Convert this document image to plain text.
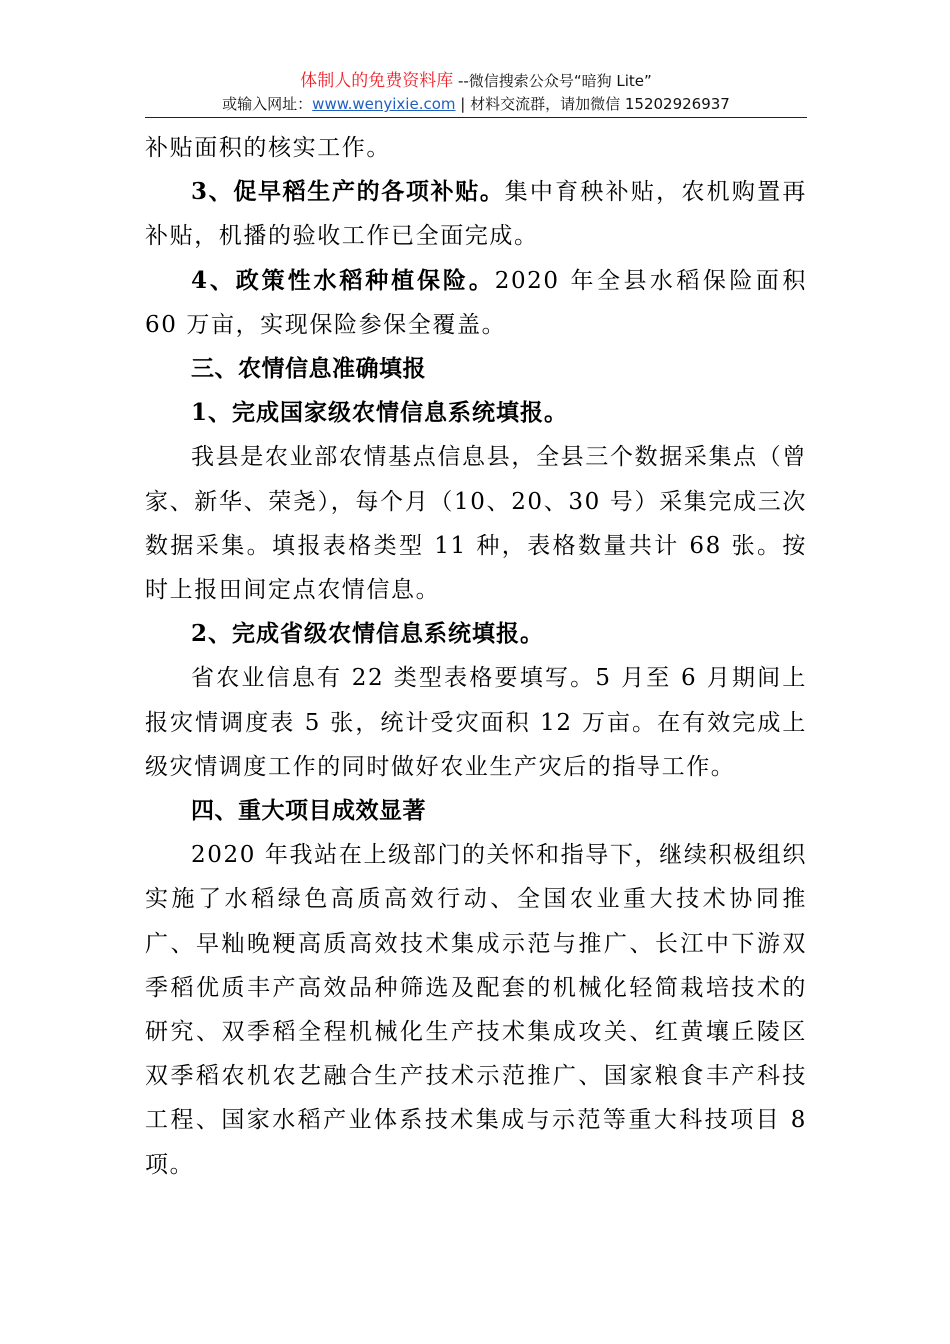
体制人的免费资料库 --微信搜索公众号“暗狗 Lite”
或输入网址：www.wenyixie.com | 材料交流群，请加微信 15202926937

补贴面积的核实工作。

3、促早稻生产的各项补贴。集中育秧补贴，农机购置再补贴，机播的验收工作已全面完成。

4、政策性水稻种植保险。2020 年全县水稻保险面积 60 万亩，实现保险参保全覆盖。

三、农情信息准确填报

1、完成国家级农情信息系统填报。

我县是农业部农情基点信息县，全县三个数据采集点（曾家、新华、荣尧），每个月（10、20、30 号）采集完成三次数据采集。填报表格类型 11 种，表格数量共计 68 张。按时上报田间定点农情信息。

2、完成省级农情信息系统填报。

省农业信息有 22 类型表格要填写。5 月至 6 月期间上报灾情调度表 5 张，统计受灾面积 12 万亩。在有效完成上级灾情调度工作的同时做好农业生产灾后的指导工作。

四、重大项目成效显著

2020 年我站在上级部门的关怀和指导下，继续积极组织实施了水稻绿色高质高效行动、全国农业重大技术协同推广、早籼晚粳高质高效技术集成示范与推广、长江中下游双季稻优质丰产高效品种筛选及配套的机械化轻简栽培技术的研究、双季稻全程机械化生产技术集成攻关、红黄壤丘陵区双季稻农机农艺融合生产技术示范推广、国家粮食丰产科技工程、国家水稻产业体系技术集成与示范等重大科技项目 8 项。
